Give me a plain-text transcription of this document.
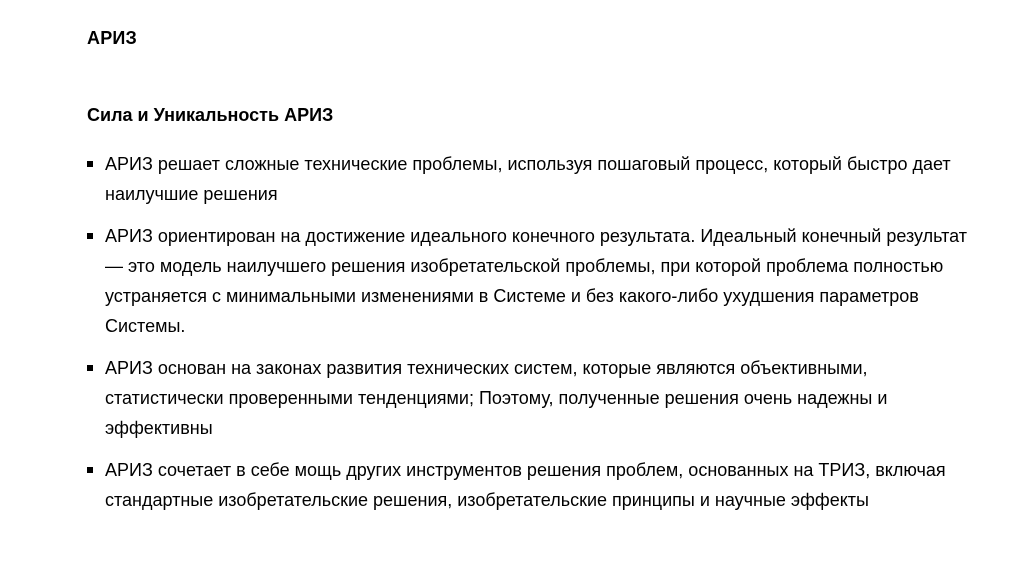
АРИЗ
Сила и Уникальность АРИЗ
АРИЗ решает сложные технические проблемы, используя пошаговый процесс, который быстро дает наилучшие решения
АРИЗ ориентирован на достижение идеального конечного результата. Идеальный конечный результат — это модель наилучшего решения изобретательской проблемы, при которой проблема полностью устраняется с минимальными изменениями в Системе и без какого-либо ухудшения параметров Системы.
АРИЗ основан на законах развития технических систем, которые являются объективными, статистически проверенными тенденциями; Поэтому, полученные решения очень надежны и эффективны
АРИЗ сочетает в себе мощь других инструментов решения проблем, основанных на ТРИЗ, включая стандартные изобретательские решения, изобретательские принципы и научные эффекты
